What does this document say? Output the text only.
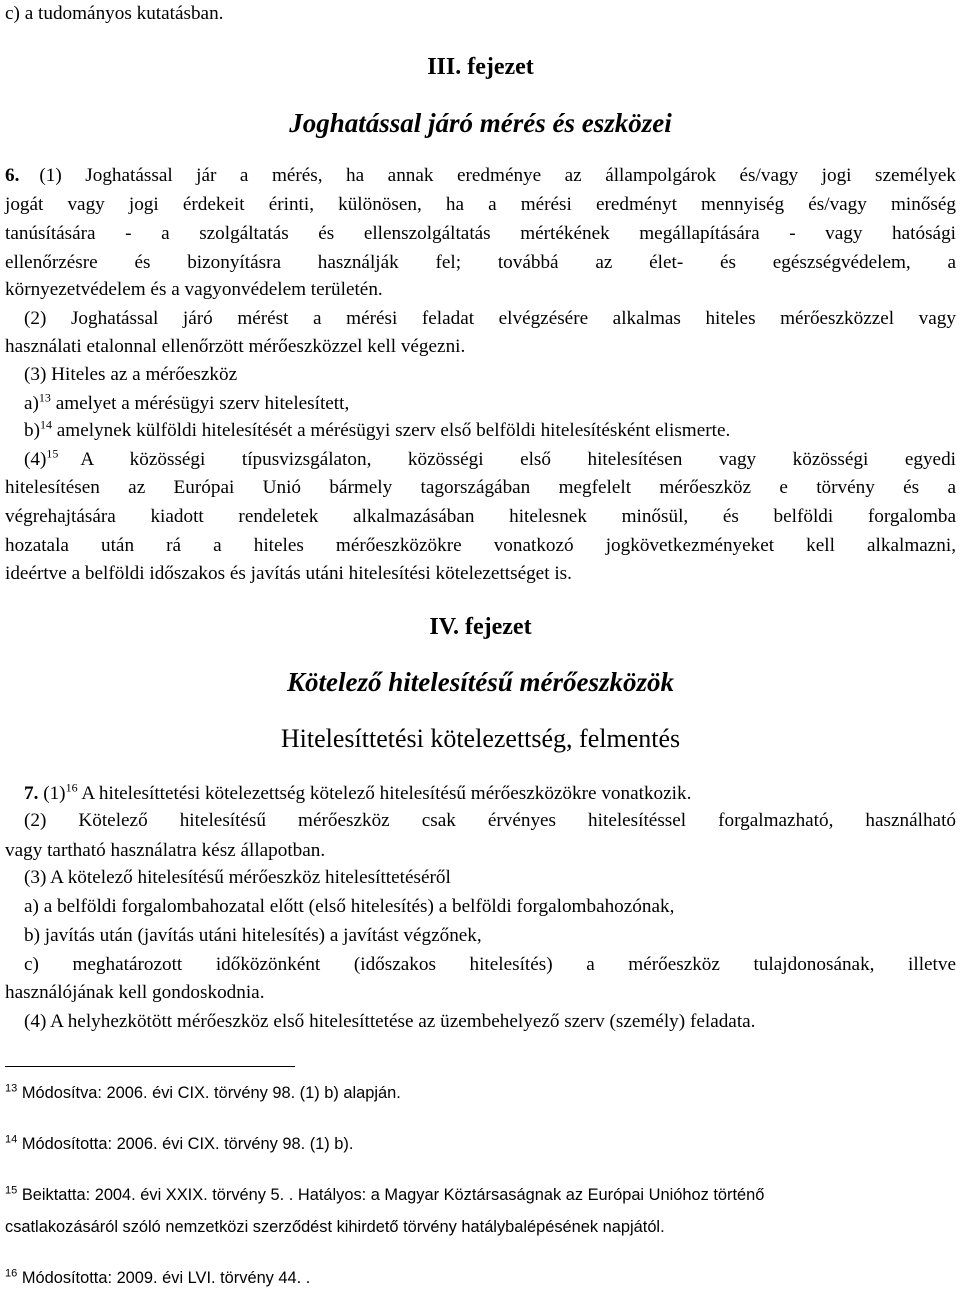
c) a tudományos kutatásban.
III. fejezet
Joghatással járó mérés és eszközei
6. (1) Joghatással jár a mérés, ha annak eredménye az állampolgárok és/vagy jogi személyek
jogát vagy jogi érdekeit érinti, különösen, ha a mérési eredményt mennyiség és/vagy minőség
tanúsítására - a szolgáltatás és ellenszolgáltatás mértékének megállapítására - vagy hatósági
ellenőrzésre és bizonyításra használják fel; továbbá az élet- és egészségvédelem, a
környezetvédelem és a vagyonvédelem területén.
(2) Joghatással járó mérést a mérési feladat elvégzésére alkalmas hiteles mérőeszközzel vagy
használati etalonnal ellenőrzött mérőeszközzel kell végezni.
(3) Hiteles az a mérőeszköz
a)$^{13}$ amelyet a mérésügyi szerv hitelesített,
b)$^{14}$ amelynek külföldi hitelesítését a mérésügyi szerv első belföldi hitelesítésként elismerte.
$(4)^{15}$ A közösségi típusvizsgálaton, közösségi első hitelesítésen vagy közösségi egyedi
hitelesítésen az Európai Unió bármely tagországában megfelelt mérőeszköz e törvény és a
végrehajtására kiadott rendeletek alkalmazásában hitelesnek minősül, és belföldi forgalomba
hozatala után rá a hiteles mérőeszközökre vonatkozó jogkövetkezményeket kell alkalmazni,
ideértve a belföldi időszakos és javítás utáni hitelesítési kötelezettséget is.
IV. fejezet
Kötelező hitelesítésű mérőeszközök
Hitelesíttetési kötelezettség, felmentés
7. $(1)^{16}$ A hitelesíttetési kötelezettség kötelező hitelesítésű mérőeszközökre vonatkozik.
(2) Kötelező hitelesítésű mérőeszköz csak érvényes hitelesítéssel forgalmazható, használható
vagy tartható használatra kész állapotban.
(3) A kötelező hitelesítésű mérőeszköz hitelesíttetéséről
a) a belföldi forgalombahozatal előtt (első hitelesítés) a belföldi forgalombahozónak,
b) javítás után (javítás utáni hitelesítés) a javítást végzőnek,
c) meghatározott időközönként (időszakos hitelesítés) a mérőeszköz tulajdonosának, illetve
használójának kell gondoskodnia.
(4) A helyhezkötött mérőeszköz első hitelesíttetése az üzembehelyező szerv (személy) feladata.
$^{13}$ Módosítva: 2006. évi CIX. törvény 98. (1) b) alapján.
$^{14}$ Módosította: 2006. évi CIX. törvény 98. (1) b).
$^{15}$ Beiktatta: 2004. évi XXIX. törvény 5. . Hatályos: a Magyar Köztársaságnak az Európai Unióhoz történő
csatlakozásáról szóló nemzetközi szerződést kihirdető törvény hatálybalépésének napjától.
$^{16}$ Módosította: 2009. évi LVI. törvény 44. .
